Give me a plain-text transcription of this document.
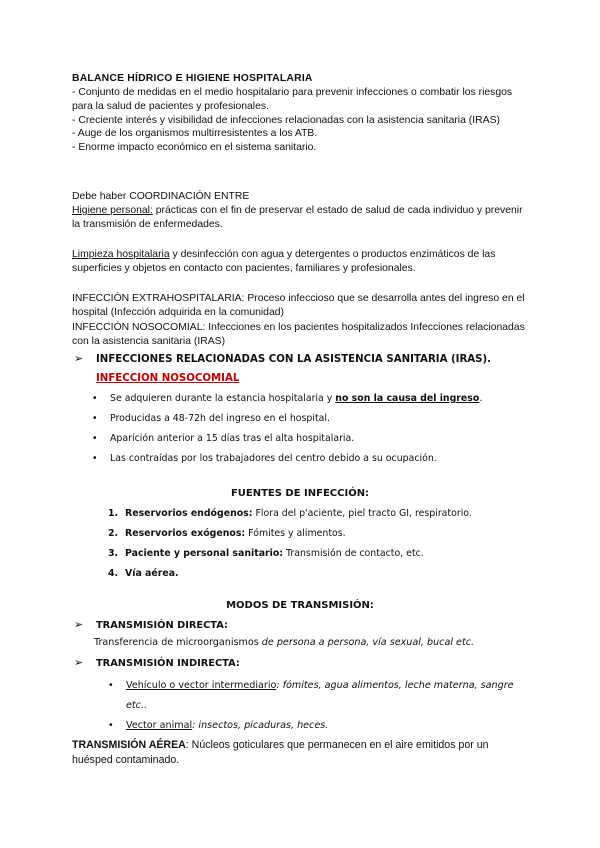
BALANCE HÍDRICO E HIGIENE HOSPITALARIA
- Conjunto de medidas en el medio hospitalario para prevenir infecciones o combatir los riesgos para la salud de pacientes y profesionales.
- Creciente interés y visibilidad de infecciones relacionadas con la asistencia sanitaria (IRAS)
- Auge de los organismos multirresistentes a los ATB.
- Enorme impacto económico en el sistema sanitario.
Debe haber COORDINACIÓN ENTRE
Higiene personal: prácticas con el fin de preservar el estado de salud de cada individuo y prevenir la transmisión de enfermedades.
Limpieza hospitalaria y desinfección con agua y detergentes o productos enzimáticos de las superficies y objetos en contacto con pacientes, familiares y profesionales.
INFECCIÓN EXTRAHOSPITALARIA: Proceso infeccioso que se desarrolla antes del ingreso en el hospital (Infección adquirida en la comunidad)
INFECCIÓN NOSOCOMIAL: Infecciones en los pacientes hospitalizados Infecciones relacionadas con la asistencia sanitaria (IRAS)
➢ INFECCIONES RELACIONADAS CON LA ASISTENCIA SANITARIA (IRAS).
INFECCION NOSOCOMIAL
• Se adquieren durante la estancia hospitalaria y no son la causa del ingreso.
• Producidas a 48-72h del ingreso en el hospital.
• Aparición anterior a 15 días tras el alta hospitalaria.
• Las contraídas por los trabajadores del centro debido a su ocupación.
FUENTES DE INFECCIÓN:
1. Reservorios endógenos: Flora del p'aciente, piel tracto GI, respiratorio.
2. Reservorios exógenos: Fómites y alimentos.
3. Paciente y personal sanitario: Transmisión de contacto, etc.
4. Vía aérea.
MODOS DE TRANSMISIÓN:
➢ TRANSMISIÓN DIRECTA:
Transferencia de microorganismos de persona a persona, vía sexual, bucal etc.
➢ TRANSMISIÓN INDIRECTA:
• Vehículo o vector intermediario: fómites, agua alimentos, leche materna, sangre etc..
• Vector animal: insectos, picaduras, heces.
TRANSMISIÓN AÉREA: Núcleos goticulares que permanecen en el aire emitidos por un huésped contaminado.
